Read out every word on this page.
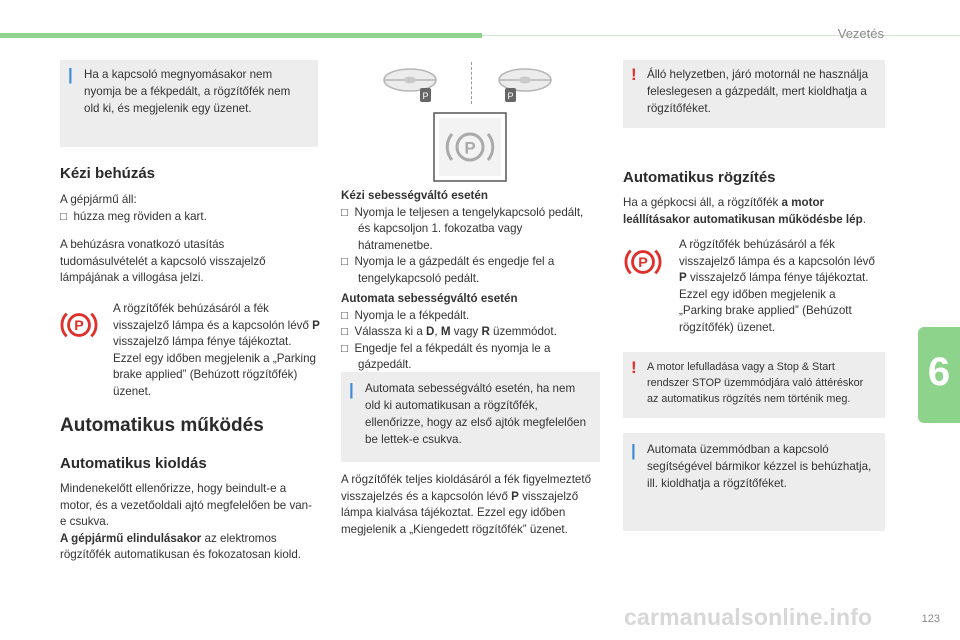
Vezetés
6
| Ha a kapcsoló megnyomásakor nem nyomja be a fékpedált, a rögzítőfék nem old ki, és megjelenik egy üzenet.
Kézi behúzás

A gépjármű áll:
□ húzza meg röviden a kart.

A behúzásra vonatkozó utasítás tudomásulvételét a kapcsoló visszajelző lámpájának a villogása jelzi.

P

A rögzítőfék behúzásáról a fék visszajelző lámpa és a kapcsolón lévő P visszajelző lámpa fénye tájékoztat. Ezzel egy időben megjelenik a „Parking brake applied” (Behúzott rögzítőfék) üzenet.

Automatikus működés
Automatikus kioldás

Mindenekelőtt ellenőrizze, hogy beindult-e a motor, és a vezetőoldali ajtó megfelelően be van-e csukva.
A gépjármű elindulásakor az elektromos rögzítőfék automatikusan és fokozatosan kiold.

P	P
P

Kézi sebességváltó esetén
□ Nyomja le teljesen a tengelykapcsoló pedált, és kapcsoljon 1. fokozatba vagy hátramenetbe.
□ Nyomja le a gázpedált és engedje fel a tengelykapcsoló pedált.

Automata sebességváltó esetén
□ Nyomja le a fékpedált.
□ Válassza ki a D, M vagy R üzemmódot.
□ Engedje fel a fékpedált és nyomja le a gázpedált.

| Automata sebességváltó esetén, ha nem old ki automatikusan a rögzítőfék, ellenőrizze, hogy az első ajtók megfelelően be lettek-e csukva.

A rögzítőfék teljes kioldásáról a fék figyelmeztető visszajelzés és a kapcsolón lévő P visszajelző lámpa kialvása tájékoztat. Ezzel egy időben megjelenik a „Kiengedett rögzítőfék” üzenet.

! Álló helyzetben, járó motornál ne használja feleslegesen a gázpedált, mert kioldhatja a rögzítőféket.
Automatikus rögzítés

Ha a gépkocsi áll, a rögzítőfék a motor leállításakor automatikusan működésbe lép.

P

A rögzítőfék behúzásáról a fék visszajelző lámpa és a kapcsolón lévő P visszajelző lámpa fénye tájékoztat. Ezzel egy időben megjelenik a „Parking brake applied” (Behúzott rögzítőfék) üzenet.

! A motor lefulladása vagy a Stop & Start rendszer STOP üzemmódjára való áttéréskor az automatikus rögzítés nem történik meg.
| Automata üzemmódban a kapcsoló segítségével bármikor kézzel is behúzhatja, ill. kioldhatja a rögzítőféket.
carmanualsonline.info	123
